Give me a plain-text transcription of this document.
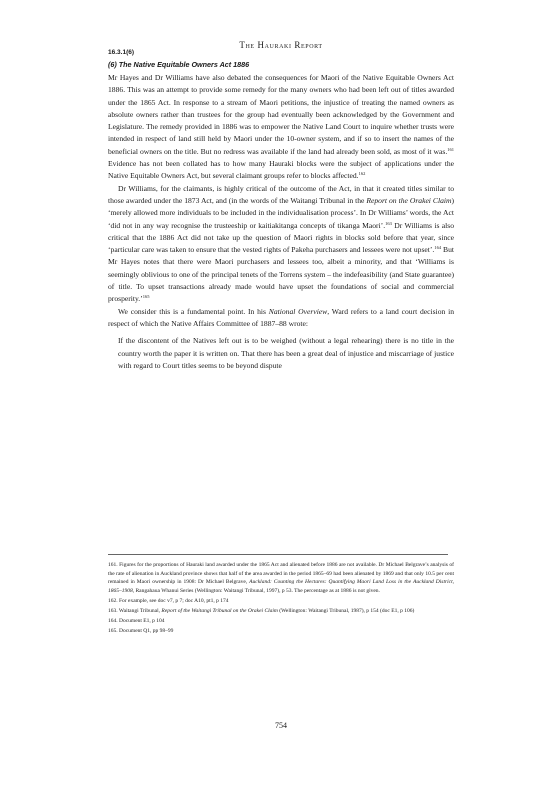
The Hauraki Report
16.3.1(6)
(6) The Native Equitable Owners Act 1886

Mr Hayes and Dr Williams have also debated the consequences for Maori of the Native Equitable Owners Act 1886. This was an attempt to provide some remedy for the many owners who had been left out of titles awarded under the 1865 Act. In response to a stream of Maori petitions, the injustice of treating the named owners as absolute owners rather than trustees for the group had eventually been acknowledged by the Government and Legislature. The remedy provided in 1886 was to empower the Native Land Court to inquire whether trusts were intended in respect of land still held by Maori under the 10-owner system, and if so to insert the names of the beneficial owners on the title. But no redress was available if the land had already been sold, as most of it was.$^{161}$ Evidence has not been collated has to how many Hauraki blocks were the subject of applications under the Native Equitable Owners Act, but several claimant groups refer to blocks affected.$^{162}$

Dr Williams, for the claimants, is highly critical of the outcome of the Act, in that it created titles similar to those awarded under the 1873 Act, and (in the words of the Waitangi Tribunal in the Report on the Orakei Claim) ‘merely allowed more individuals to be included in the individualisation process’. In Dr Williams’ words, the Act ‘did not in any way recognise the trusteeship or kaitiakitanga concepts of tikanga Maori’.$^{163}$ Dr Williams is also critical that the 1886 Act did not take up the question of Maori rights in blocks sold before that year, since ‘particular care was taken to ensure that the vested rights of Pakeha purchasers and lessees were not upset’.$^{164}$ But Mr Hayes notes that there were Maori purchasers and lessees too, albeit a minority, and that ‘Williams is seemingly oblivious to one of the principal tenets of the Torrens system – the indefeasibility (and State guarantee) of title. To upset transactions already made would have upset the foundations of social and commercial prosperity.’$^{165}$

We consider this is a fundamental point. In his National Overview, Ward refers to a land court decision in respect of which the Native Affairs Committee of 1887–88 wrote:

If the discontent of the Natives left out is to be weighed (without a legal rehearing) there is no title in the country worth the paper it is written on. That there has been a great deal of injustice and miscarriage of justice with regard to Court titles seems to be beyond dispute

161. Figures for the proportions of Hauraki land awarded under the 1865 Act and alienated before 1886 are not available. Dr Michael Belgrave’s analysis of the rate of alienation in Auckland province shows that half of the area awarded in the period 1865–69 had been alienated by 1869 and that only 10.5 per cent remained in Maori ownership in 1908: Dr Michael Belgrave, Auckland: Counting the Hectares: Quantifying Maori Land Loss in the Auckland District, 1865–1908, Rangahaua Whanui Series (Wellington: Waitangi Tribunal, 1997), p 53. The percentage as at 1886 is not given.

162. For example, see doc v7, p 7; doc A10, pt1, p 174

163. Waitangi Tribunal, Report of the Waitangi Tribunal on the Orakei Claim (Wellington: Waitangi Tribunal, 1987), p 154 (doc E1, p 106)

164. Document E1, p 104

165. Document Q1, pp 98–99

754
